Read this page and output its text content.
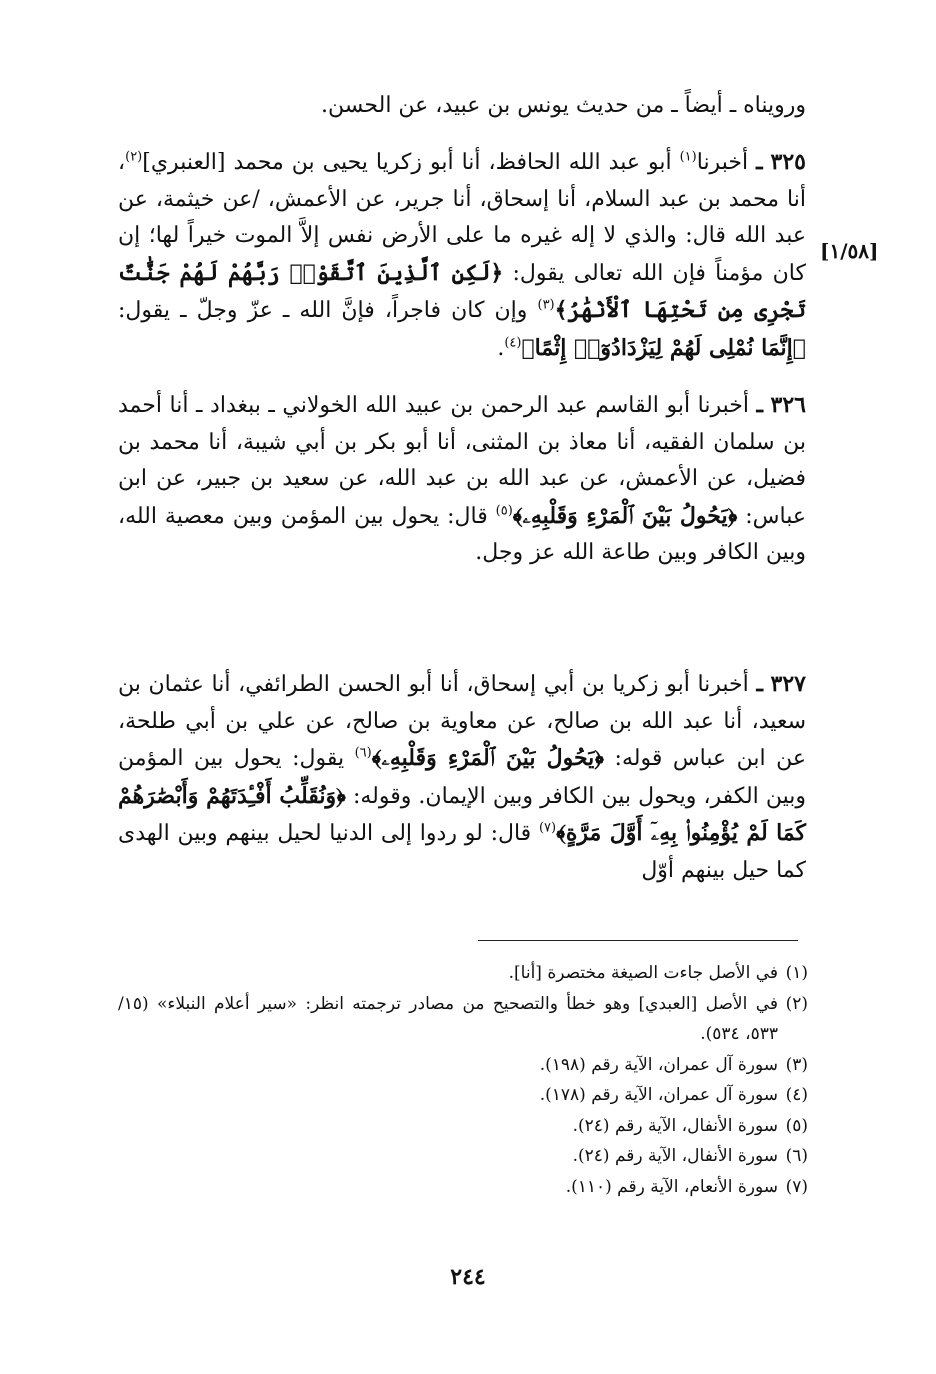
ورويناه ـ أيضاً ـ من حديث يونس بن عبيد، عن الحسن.

[١/٥٨]

٣٢٥ ـ أخبرنا$^{(١)}$ أبو عبد الله الحافظ، أنا أبو زكريا يحيى بن محمد [العنبري]$^{(٢)}$، أنا محمد بن عبد السلام، أنا إسحاق، أنا جرير، عن الأعمش، /عن خيثمة، عن عبد الله قال: والذي لا إله غيره ما على الأرض نفس إلاَّ الموت خيراً لها؛ إن كان مؤمناً فإن الله تعالى يقول: ﴿لَكِنِ ٱلَّذِينَ ٱتَّقَوْا۟ رَبَّهُمْ لَهُمْ جَنَّٰتٌ تَجْرِى مِن تَحْتِهَا ٱلْأَنْهَٰرُ﴾$^{(٣)}$ وإن كان فاجراً، فإنَّ الله ـ عزّ وجلّ ـ يقول: ﴿إِنَّمَا نُمْلِى لَهُمْ لِيَزْدَادُوٓا۟ إِثْمًا﴾$^{(٤)}$.

٣٢٦ ـ أخبرنا أبو القاسم عبد الرحمن بن عبيد الله الخولاني ـ ببغداد ـ أنا أحمد بن سلمان الفقيه، أنا معاذ بن المثنى، أنا أبو بكر بن أبي شيبة، أنا محمد بن فضيل، عن الأعمش، عن عبد الله بن عبد الله، عن سعيد بن جبير، عن ابن عباس: ﴿يَحُولُ بَيْنَ ٱلْمَرْءِ وَقَلْبِهِۦ﴾$^{(٥)}$ قال: يحول بين المؤمن وبين معصية الله، وبين الكافر وبين طاعة الله عز وجل.

٣٢٧ ـ أخبرنا أبو زكريا بن أبي إسحاق، أنا أبو الحسن الطرائفي، أنا عثمان بن سعيد، أنا عبد الله بن صالح، عن معاوية بن صالح، عن علي بن أبي طلحة، عن ابن عباس قوله: ﴿يَحُولُ بَيْنَ ٱلْمَرْءِ وَقَلْبِهِۦ﴾$^{(٦)}$ يقول: يحول بين المؤمن وبين الكفر، ويحول بين الكافر وبين الإيمان. وقوله: ﴿وَنُقَلِّبُ أَفْـِٔدَتَهُمْ وَأَبْصَٰرَهُمْ كَمَا لَمْ يُؤْمِنُوا۟ بِهِۦٓ أَوَّلَ مَرَّةٍ﴾$^{(٧)}$ قال: لو ردوا إلى الدنيا لحيل بينهم وبين الهدى كما حيل بينهم أوّل

(١)
في الأصل جاءت الصيغة مختصرة [أنا].
(٢)
في الأصل [العبدي] وهو خطأ والتصحيح من مصادر ترجمته انظر: «سير أعلام النبلاء» (١٥/ ٥٣٣، ٥٣٤).
(٣)
سورة آل عمران، الآية رقم (١٩٨).
(٤)
سورة آل عمران، الآية رقم (١٧٨).
(٥)
سورة الأنفال، الآية رقم (٢٤).
(٦)
سورة الأنفال، الآية رقم (٢٤).
(٧)
سورة الأنعام، الآية رقم (١١٠).
٢٤٤
